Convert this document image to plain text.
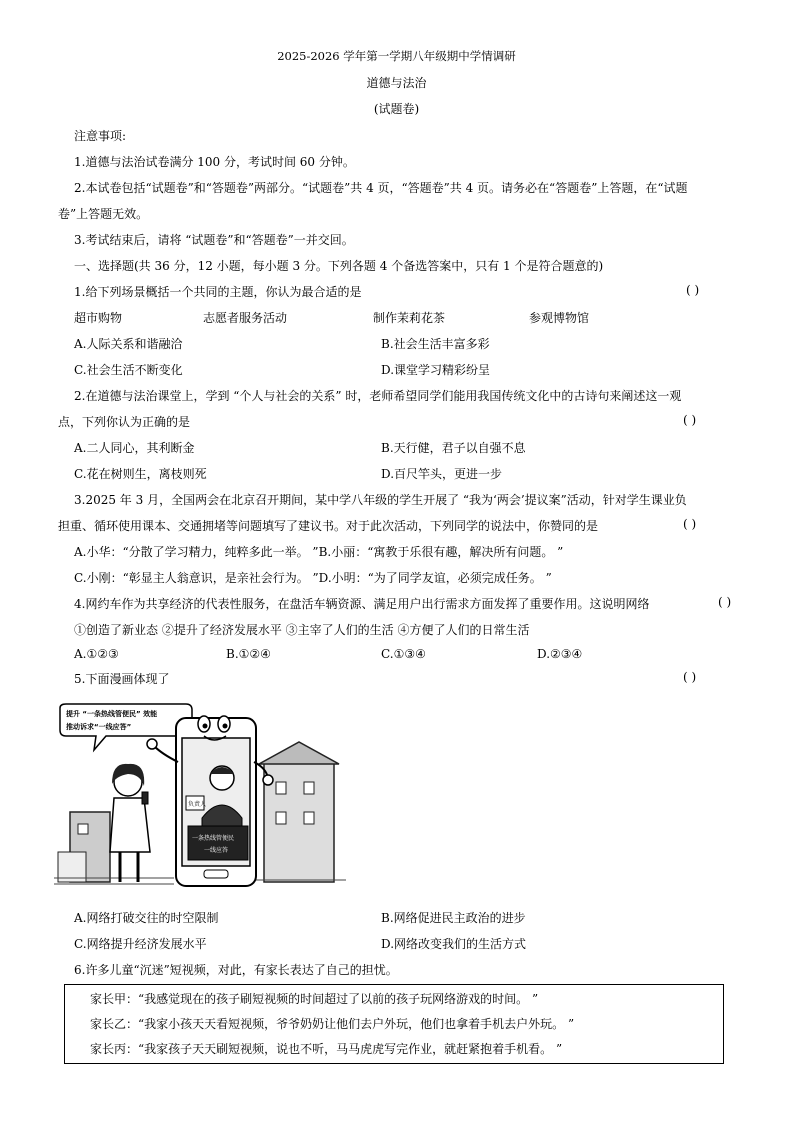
2025-2026 学年第一学期八年级期中学情调研
道德与法治
(试题卷)
注意事项:
1.道德与法治试卷满分 100 分，考试时间 60 分钟。
2.本试卷包括“试题卷”和“答题卷”两部分。“试题卷”共 4 页，“答题卷”共 4 页。请务必在“答题卷”上答题，在“试题
卷”上答题无效。
3.考试结束后，请将 “试题卷”和“答题卷”一并交回。
一、选择题(共 36 分，12 小题，每小题 3 分。下列各题 4 个备选答案中，只有 1 个是符合题意的)
1.给下列场景概括一个共同的主题，你认为最合适的是	( )
超市购物	志愿者服务活动	制作茉莉花茶	参观博物馆
A.人际关系和谐融洽	B.社会生活丰富多彩
C.社会生活不断变化	D.课堂学习精彩纷呈
2.在道德与法治课堂上，学到 “个人与社会的关系” 时，老师希望同学们能用我国传统文化中的古诗句来阐述这一观
点，下列你认为正确的是	( )
A.二人同心，其利断金	B.天行健，君子以自强不息
C.花在树则生，离枝则死	D.百尺竿头，更进一步
3.2025 年 3 月，全国两会在北京召开期间，某中学八年级的学生开展了 “我为‘两会’提议案”活动，针对学生课业负
担重、循环使用课本、交通拥堵等问题填写了建议书。对于此次活动，下列同学的说法中，你赞同的是	( )
A.小华：“分散了学习精力，纯粹多此一举。 ”B.小丽：“寓教于乐很有趣，解决所有问题。 ”
C.小刚：“彰显主人翁意识，是亲社会行为。 ”D.小明：“为了同学友谊，必须完成任务。 ”
4.网约车作为共享经济的代表性服务，在盘活车辆资源、满足用户出行需求方面发挥了重要作用。这说明网络	( )
①创造了新业态 ②提升了经济发展水平 ③主宰了人们的生活 ④方便了人们的日常生活
A.①②③	B.①②④	C.①③④	D.②③④
5.下面漫画体现了	( )
提升 “一条热线管便民” 效能 推动诉求“一线应答”
负责人
一条热线管便民 一线应答
A.网络打破交往的时空限制	B.网络促进民主政治的进步
C.网络提升经济发展水平	D.网络改变我们的生活方式
6.许多儿童“沉迷”短视频，对此，有家长表达了自己的担忧。
家长甲：“我感觉现在的孩子刷短视频的时间超过了以前的孩子玩网络游戏的时间。 ”
家长乙：“我家小孩天天看短视频，爷爷奶奶让他们去户外玩，他们也拿着手机去户外玩。 ”
家长丙：“我家孩子天天刷短视频，说也不听，马马虎虎写完作业，就赶紧抱着手机看。 ”
